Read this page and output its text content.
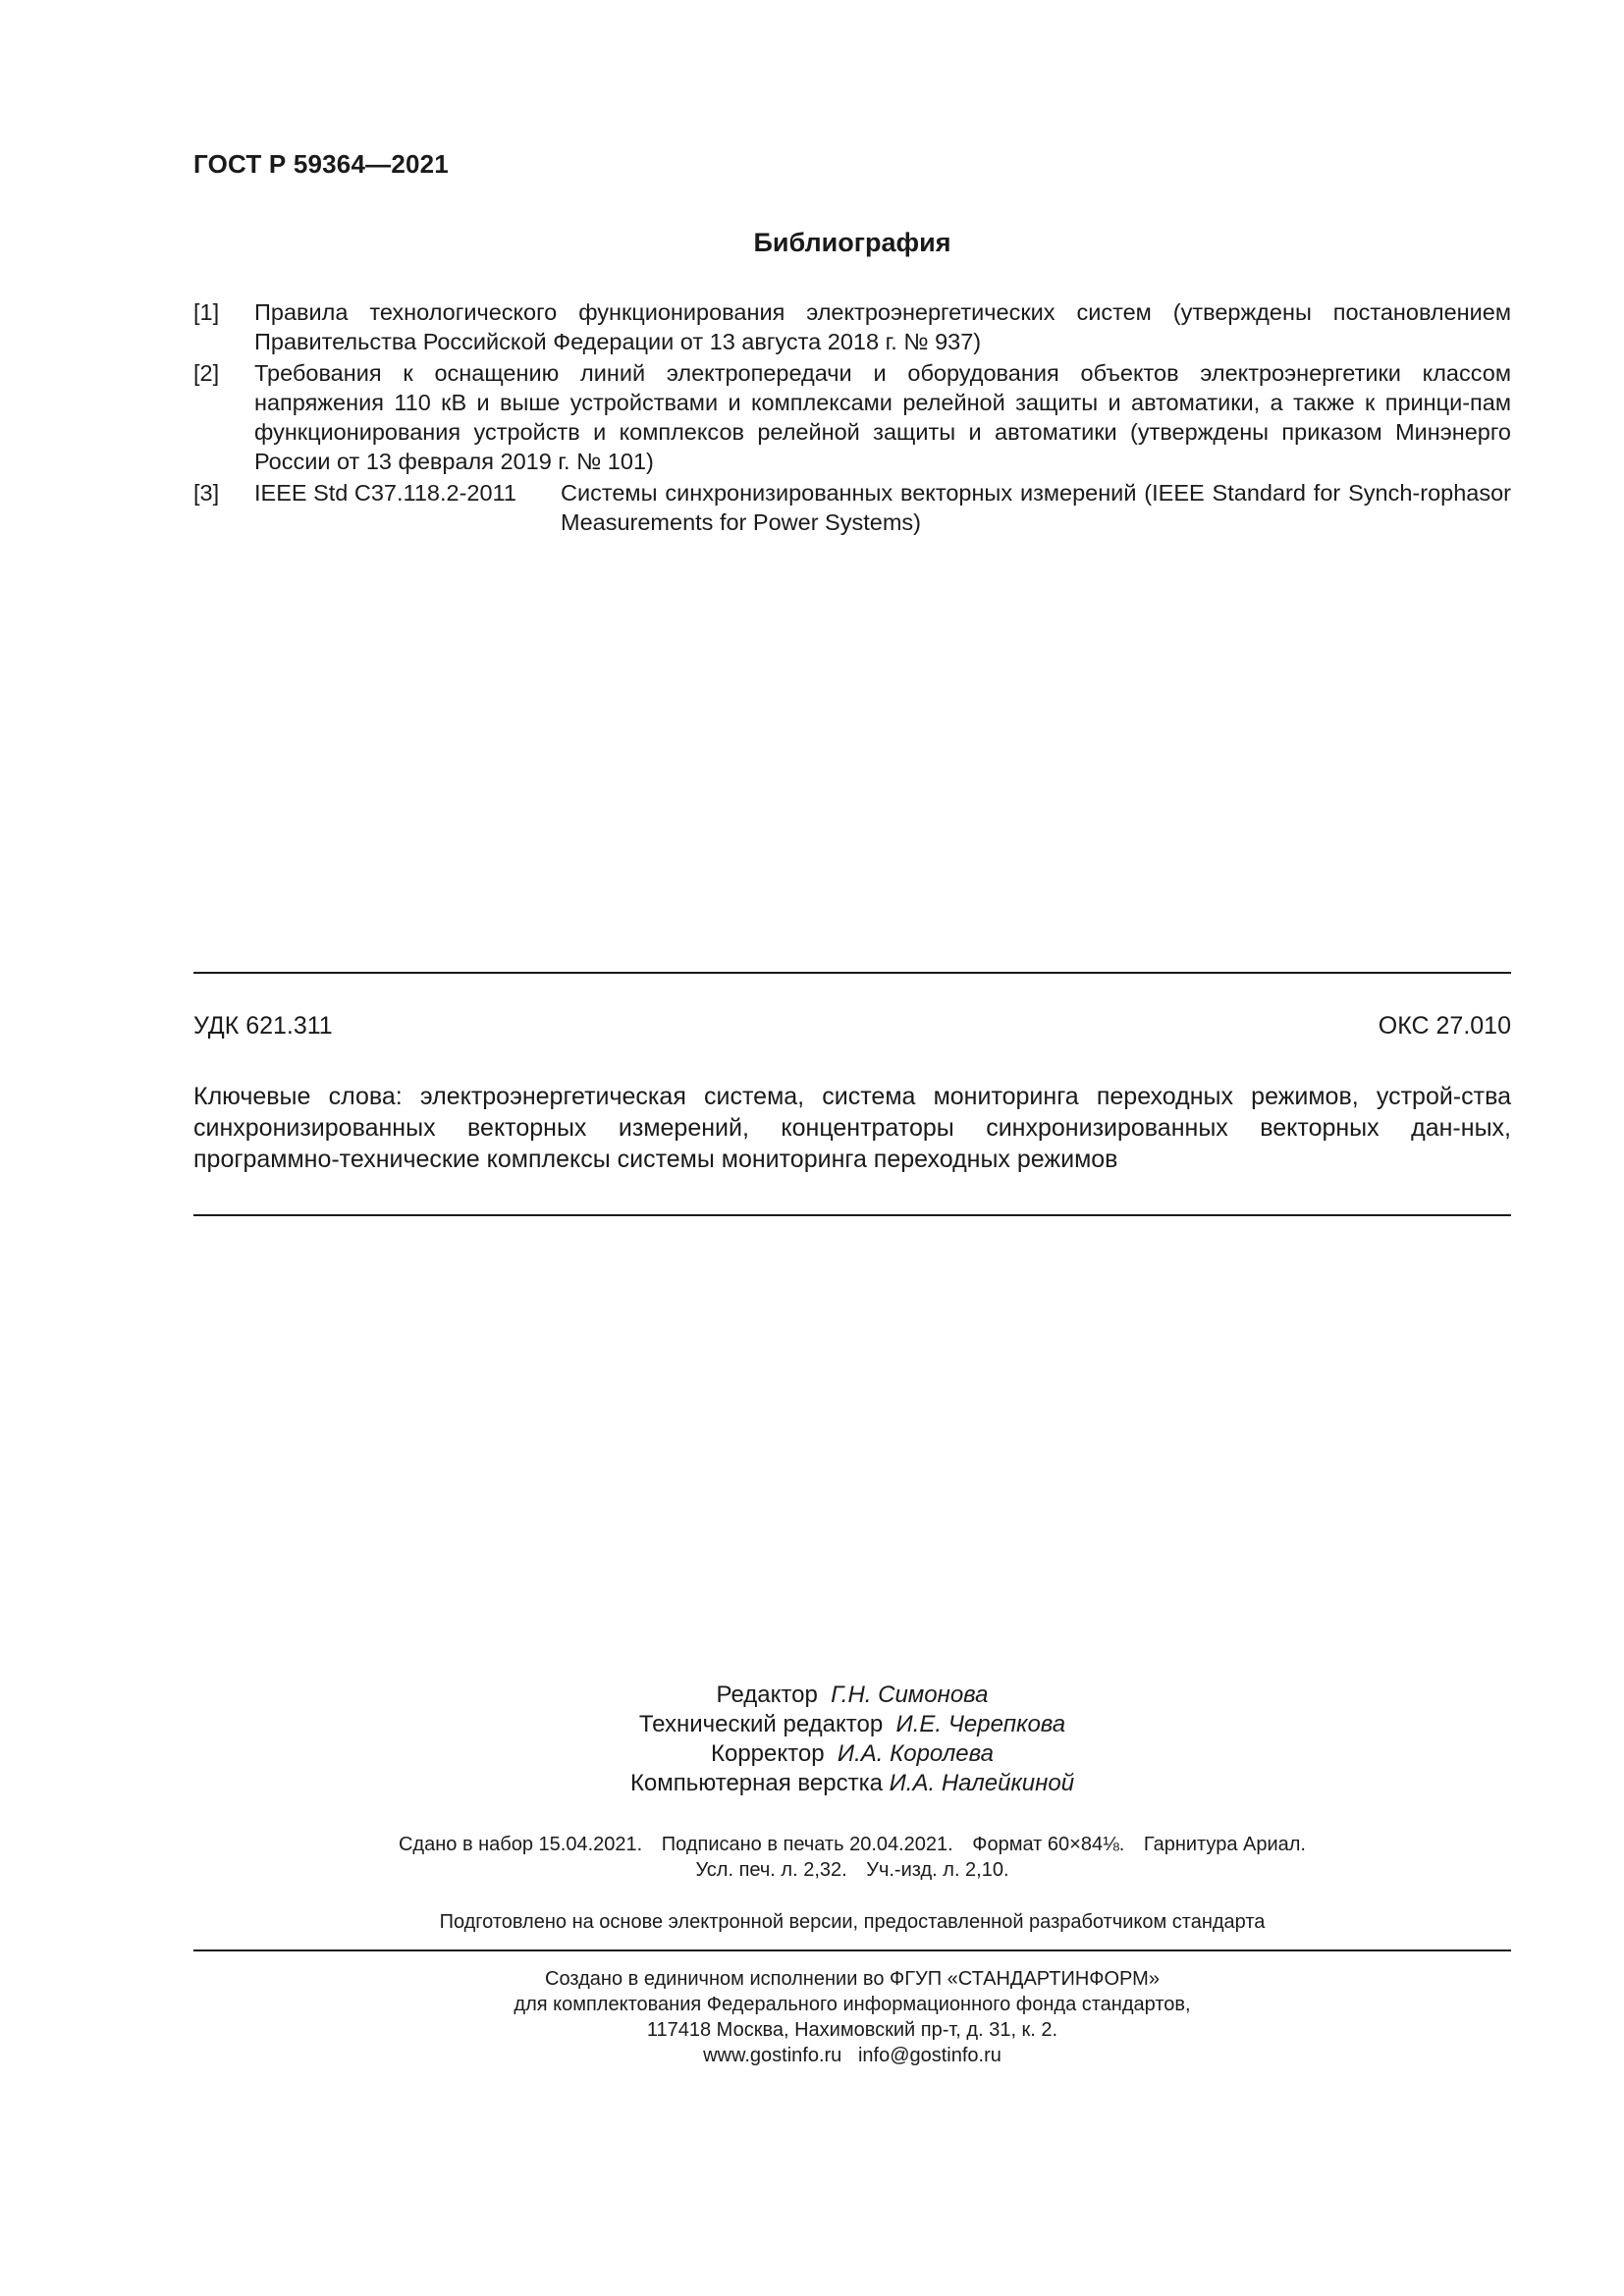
ГОСТ Р 59364—2021
Библиография
[1]	Правила технологического функционирования электроэнергетических систем (утверждены постановлением Правительства Российской Федерации от 13 августа 2018 г. № 937)
[2]	Требования к оснащению линий электропередачи и оборудования объектов электроэнергетики классом напряжения 110 кВ и выше устройствами и комплексами релейной защиты и автоматики, а также к принци-пам функционирования устройств и комплексов релейной защиты и автоматики (утверждены приказом Минэнерго России от 13 февраля 2019 г. № 101)
[3]	IEEE Std C37.118.2-2011	Системы синхронизированных векторных измерений (IEEE Standard for Synch-rophasor Measurements for Power Systems)
УДК 621.311	ОКС 27.010
Ключевые слова: электроэнергетическая система, система мониторинга переходных режимов, устрой-ства синхронизированных векторных измерений, концентраторы синхронизированных векторных дан-ных, программно-технические комплексы системы мониторинга переходных режимов
Редактор Г.Н. Симонова
Технический редактор И.Е. Черепкова
Корректор И.А. Королева
Компьютерная верстка И.А. Налейкиной
Сдано в набор 15.04.2021. Подписано в печать 20.04.2021. Формат 60×84⅛. Гарнитура Ариал.
Усл. печ. л. 2,32. Уч.-изд. л. 2,10.
Подготовлено на основе электронной версии, предоставленной разработчиком стандарта
Создано в единичном исполнении во ФГУП «СТАНДАРТИНФОРМ»
для комплектования Федерального информационного фонда стандартов,
117418 Москва, Нахимовский пр-т, д. 31, к. 2.
www.gostinfo.ru info@gostinfo.ru
